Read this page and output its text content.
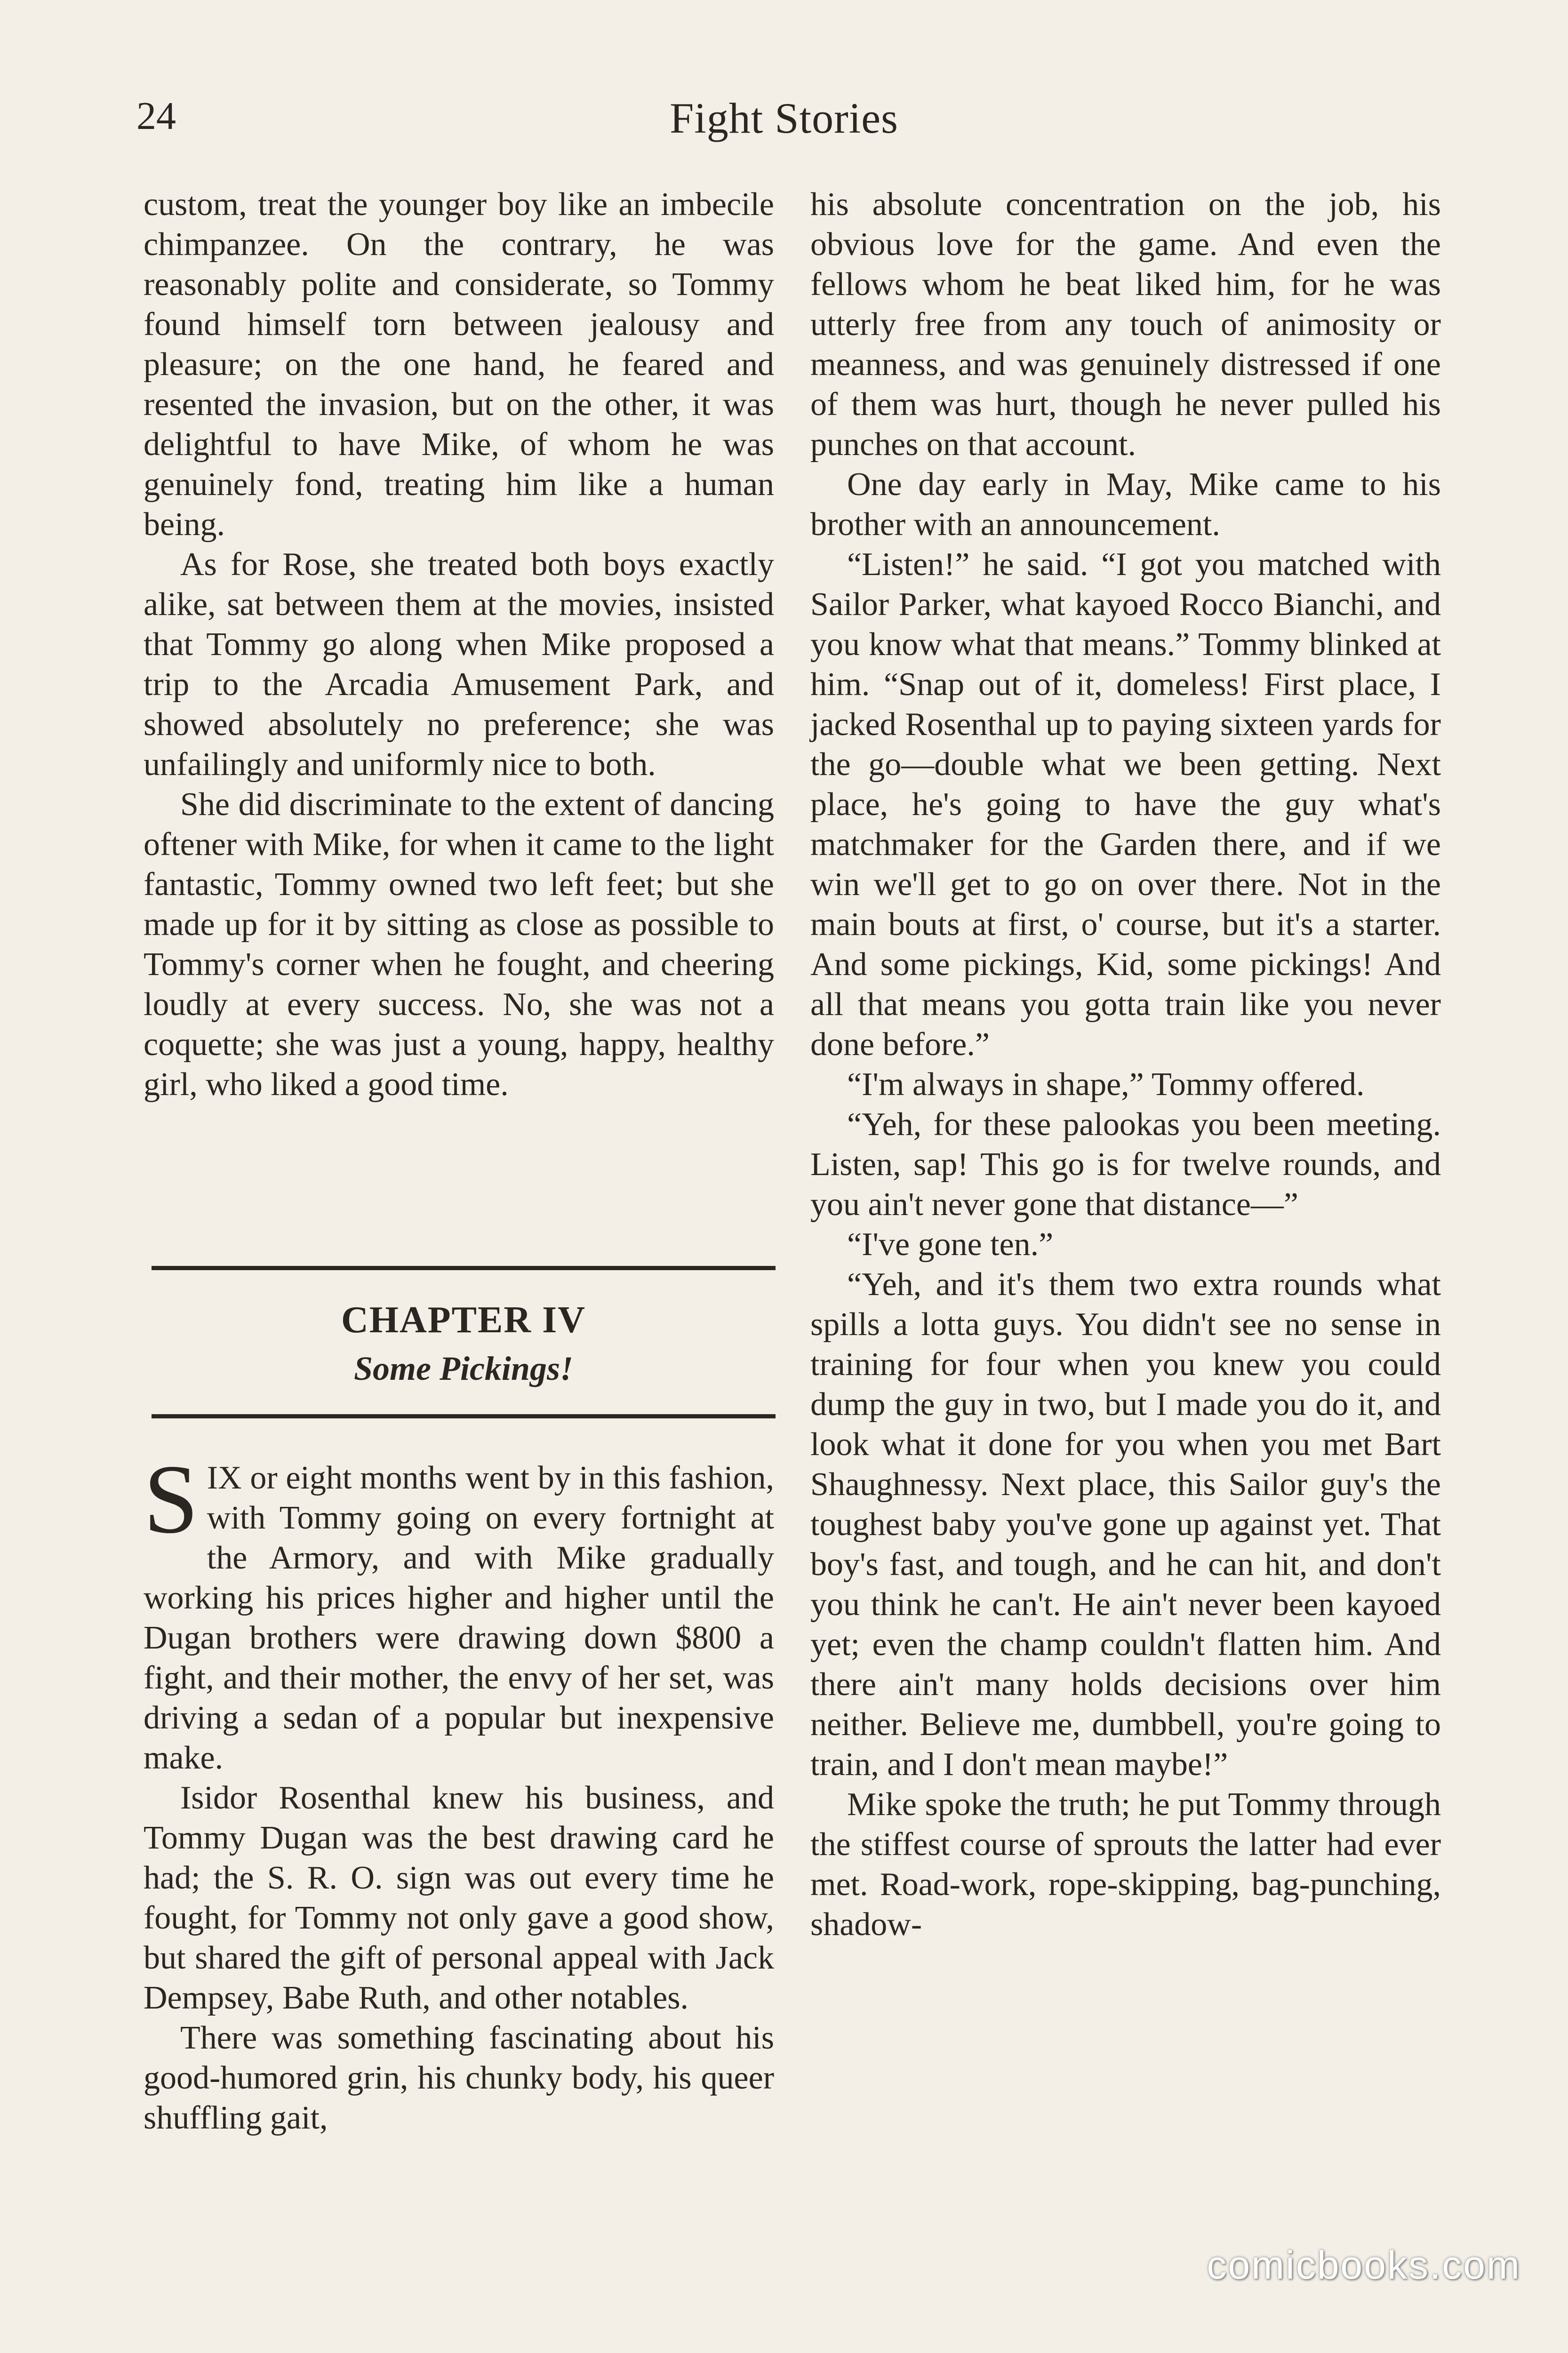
24	Fight Stories

custom, treat the younger boy like an imbecile chimpanzee. On the contrary, he was reasonably polite and considerate, so Tommy found himself torn between jealousy and pleasure; on the one hand, he feared and resented the invasion, but on the other, it was delightful to have Mike, of whom he was genuinely fond, treating him like a human being.

As for Rose, she treated both boys exactly alike, sat between them at the movies, insisted that Tommy go along when Mike proposed a trip to the Arcadia Amusement Park, and showed absolutely no preference; she was unfailingly and uniformly nice to both.

She did discriminate to the extent of dancing oftener with Mike, for when it came to the light fantastic, Tommy owned two left feet; but she made up for it by sitting as close as possible to Tommy's corner when he fought, and cheering loudly at every success. No, she was not a coquette; she was just a young, happy, healthy girl, who liked a good time.

CHAPTER IV
Some Pickings!

SIX or eight months went by in this fashion, with Tommy going on every fortnight at the Armory, and with Mike gradually working his prices higher and higher until the Dugan brothers were drawing down $800 a fight, and their mother, the envy of her set, was driving a sedan of a popular but inexpensive make.

Isidor Rosenthal knew his business, and Tommy Dugan was the best drawing card he had; the S. R. O. sign was out every time he fought, for Tommy not only gave a good show, but shared the gift of personal appeal with Jack Dempsey, Babe Ruth, and other notables.

There was something fascinating about his good-humored grin, his chunky body, his queer shuffling gait,

his absolute concentration on the job, his obvious love for the game. And even the fellows whom he beat liked him, for he was utterly free from any touch of animosity or meanness, and was genuinely distressed if one of them was hurt, though he never pulled his punches on that account.

One day early in May, Mike came to his brother with an announcement.

“Listen!” he said. “I got you matched with Sailor Parker, what kayoed Rocco Bianchi, and you know what that means.” Tommy blinked at him. “Snap out of it, domeless! First place, I jacked Rosenthal up to paying sixteen yards for the go—double what we been getting. Next place, he's going to have the guy what's matchmaker for the Garden there, and if we win we'll get to go on over there. Not in the main bouts at first, o' course, but it's a starter. And some pickings, Kid, some pickings! And all that means you gotta train like you never done before.”

“I'm always in shape,” Tommy offered.

“Yeh, for these palookas you been meeting. Listen, sap! This go is for twelve rounds, and you ain't never gone that distance—”

“I've gone ten.”

“Yeh, and it's them two extra rounds what spills a lotta guys. You didn't see no sense in training for four when you knew you could dump the guy in two, but I made you do it, and look what it done for you when you met Bart Shaughnessy. Next place, this Sailor guy's the toughest baby you've gone up against yet. That boy's fast, and tough, and he can hit, and don't you think he can't. He ain't never been kayoed yet; even the champ couldn't flatten him. And there ain't many holds decisions over him neither. Believe me, dumbbell, you're going to train, and I don't mean maybe!”

Mike spoke the truth; he put Tommy through the stiffest course of sprouts the latter had ever met. Road-work, rope-skipping, bag-punching, shadow-

comicbooks.com
